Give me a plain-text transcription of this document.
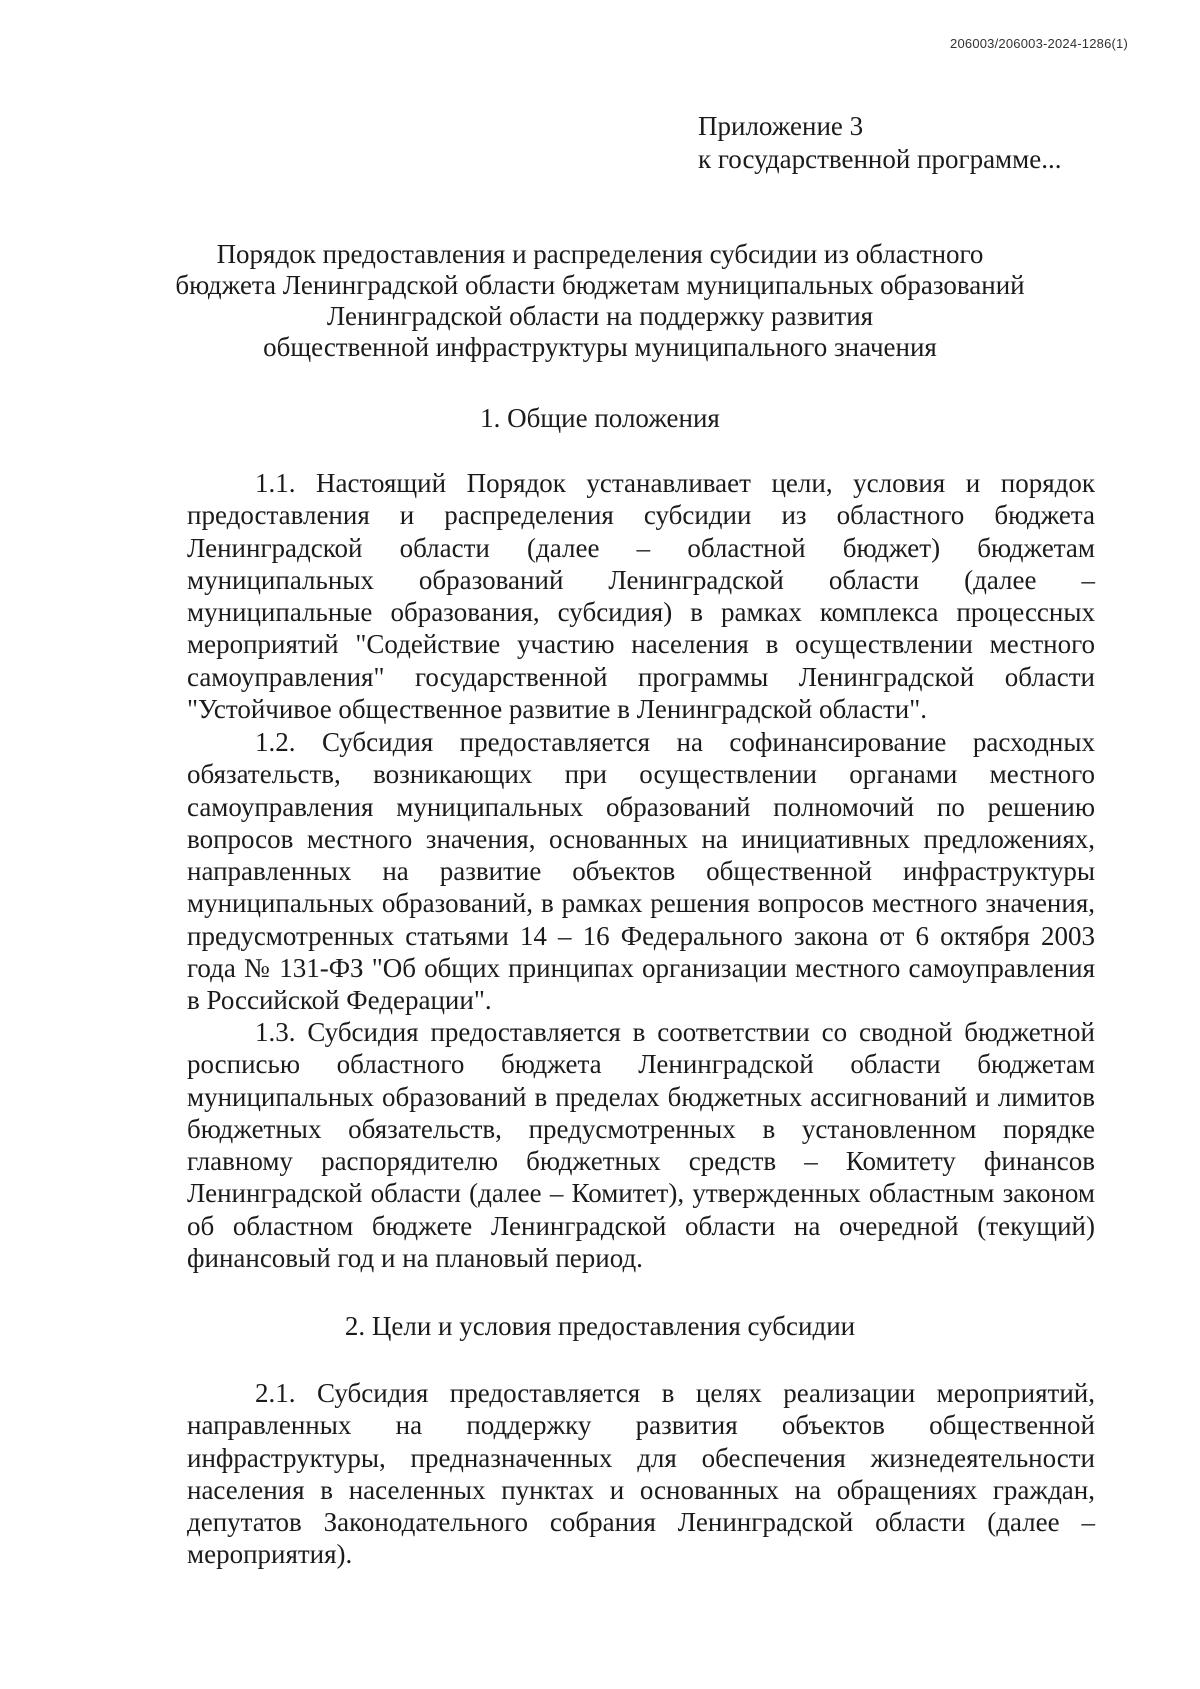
206003/206003-2024-1286(1)
Приложение 3
к государственной программе...
Порядок предоставления и распределения субсидии из областного
бюджета Ленинградской области бюджетам муниципальных образований
Ленинградской области на поддержку развития
общественной инфраструктуры муниципального значения
1. Общие положения

1.1. Настоящий Порядок устанавливает цели, условия и порядок предоставления и распределения субсидии из областного бюджета Ленинградской области (далее – областной бюджет) бюджетам муниципальных образований Ленинградской области (далее – муниципальные образования, субсидия) в рамках комплекса процессных мероприятий "Содействие участию населения в осуществлении местного самоуправления" государственной программы Ленинградской области "Устойчивое общественное развитие в Ленинградской области".

1.2. Субсидия предоставляется на софинансирование расходных обязательств, возникающих при осуществлении органами местного самоуправления муниципальных образований полномочий по решению вопросов местного значения, основанных на инициативных предложениях, направленных на развитие объектов общественной инфраструктуры муниципальных образований, в рамках решения вопросов местного значения, предусмотренных статьями 14 – 16 Федерального закона от 6 октября 2003 года № 131-ФЗ "Об общих принципах организации местного самоуправления в Российской Федерации".

1.3. Субсидия предоставляется в соответствии со сводной бюджетной росписью областного бюджета Ленинградской области бюджетам муниципальных образований в пределах бюджетных ассигнований и лимитов бюджетных обязательств, предусмотренных в установленном порядке главному распорядителю бюджетных средств – Комитету финансов Ленинградской области (далее – Комитет), утвержденных областным законом об областном бюджете Ленинградской области на очередной (текущий) финансовый год и на плановый период.

2. Цели и условия предоставления субсидии

2.1. Субсидия предоставляется в целях реализации мероприятий, направленных на поддержку развития объектов общественной инфраструктуры, предназначенных для обеспечения жизнедеятельности населения в населенных пунктах и основанных на обращениях граждан, депутатов Законодательного собрания Ленинградской области (далее – мероприятия).
